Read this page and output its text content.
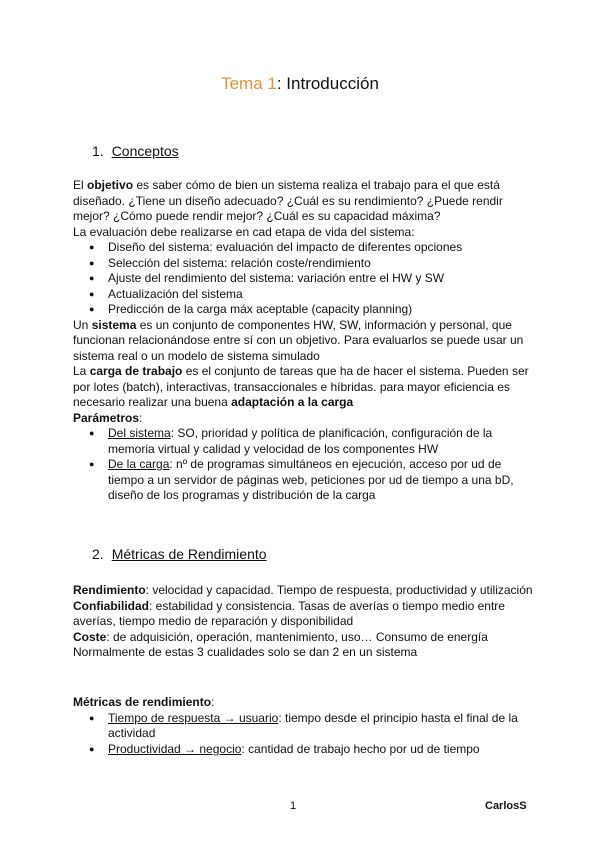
Tema 1: Introducción
1. Conceptos

El objetivo es saber cómo de bien un sistema realiza el trabajo para el que está diseñado. ¿Tiene un diseño adecuado? ¿Cuál es su rendimiento? ¿Puede rendir mejor? ¿Cómo puede rendir mejor? ¿Cuál es su capacidad máxima?

La evaluación debe realizarse en cad etapa de vida del sistema:

● Diseño del sistema: evaluación del impacto de diferentes opciones
● Selección del sistema: relación coste/rendimiento
● Ajuste del rendimiento del sistema: variación entre el HW y SW
● Actualización del sistema
● Predicción de la carga máx aceptable (capacity planning)

Un sistema es un conjunto de componentes HW, SW, información y personal, que funcionan relacionándose entre sí con un objetivo. Para evaluarlos se puede usar un sistema real o un modelo de sistema simulado

La carga de trabajo es el conjunto de tareas que ha de hacer el sistema. Pueden ser por lotes (batch), interactivas, transaccionales e híbridas. para mayor eficiencia es necesario realizar una buena adaptación a la carga

Parámetros:

● Del sistema: SO, prioridad y política de planificación, configuración de la memoria virtual y calidad y velocidad de los componentes HW
● De la carga: nº de programas simultáneos en ejecución, acceso por ud de tiempo a un servidor de páginas web, peticiones por ud de tiempo a una bD, diseño de los programas y distribución de la carga
2. Métricas de Rendimiento

Rendimiento: velocidad y capacidad. Tiempo de respuesta, productividad y utilización

Confiabilidad: estabilidad y consistencia. Tasas de averías o tiempo medio entre averías, tiempo medio de reparación y disponibilidad

Coste: de adquisición, operación, mantenimiento, uso… Consumo de energía

Normalmente de estas 3 cualidades solo se dan 2 en un sistema

Métricas de rendimiento:

● Tiempo de respuesta → usuario: tiempo desde el principio hasta el final de la actividad
● Productividad → negocio: cantidad de trabajo hecho por ud de tiempo
1	CarlosS
